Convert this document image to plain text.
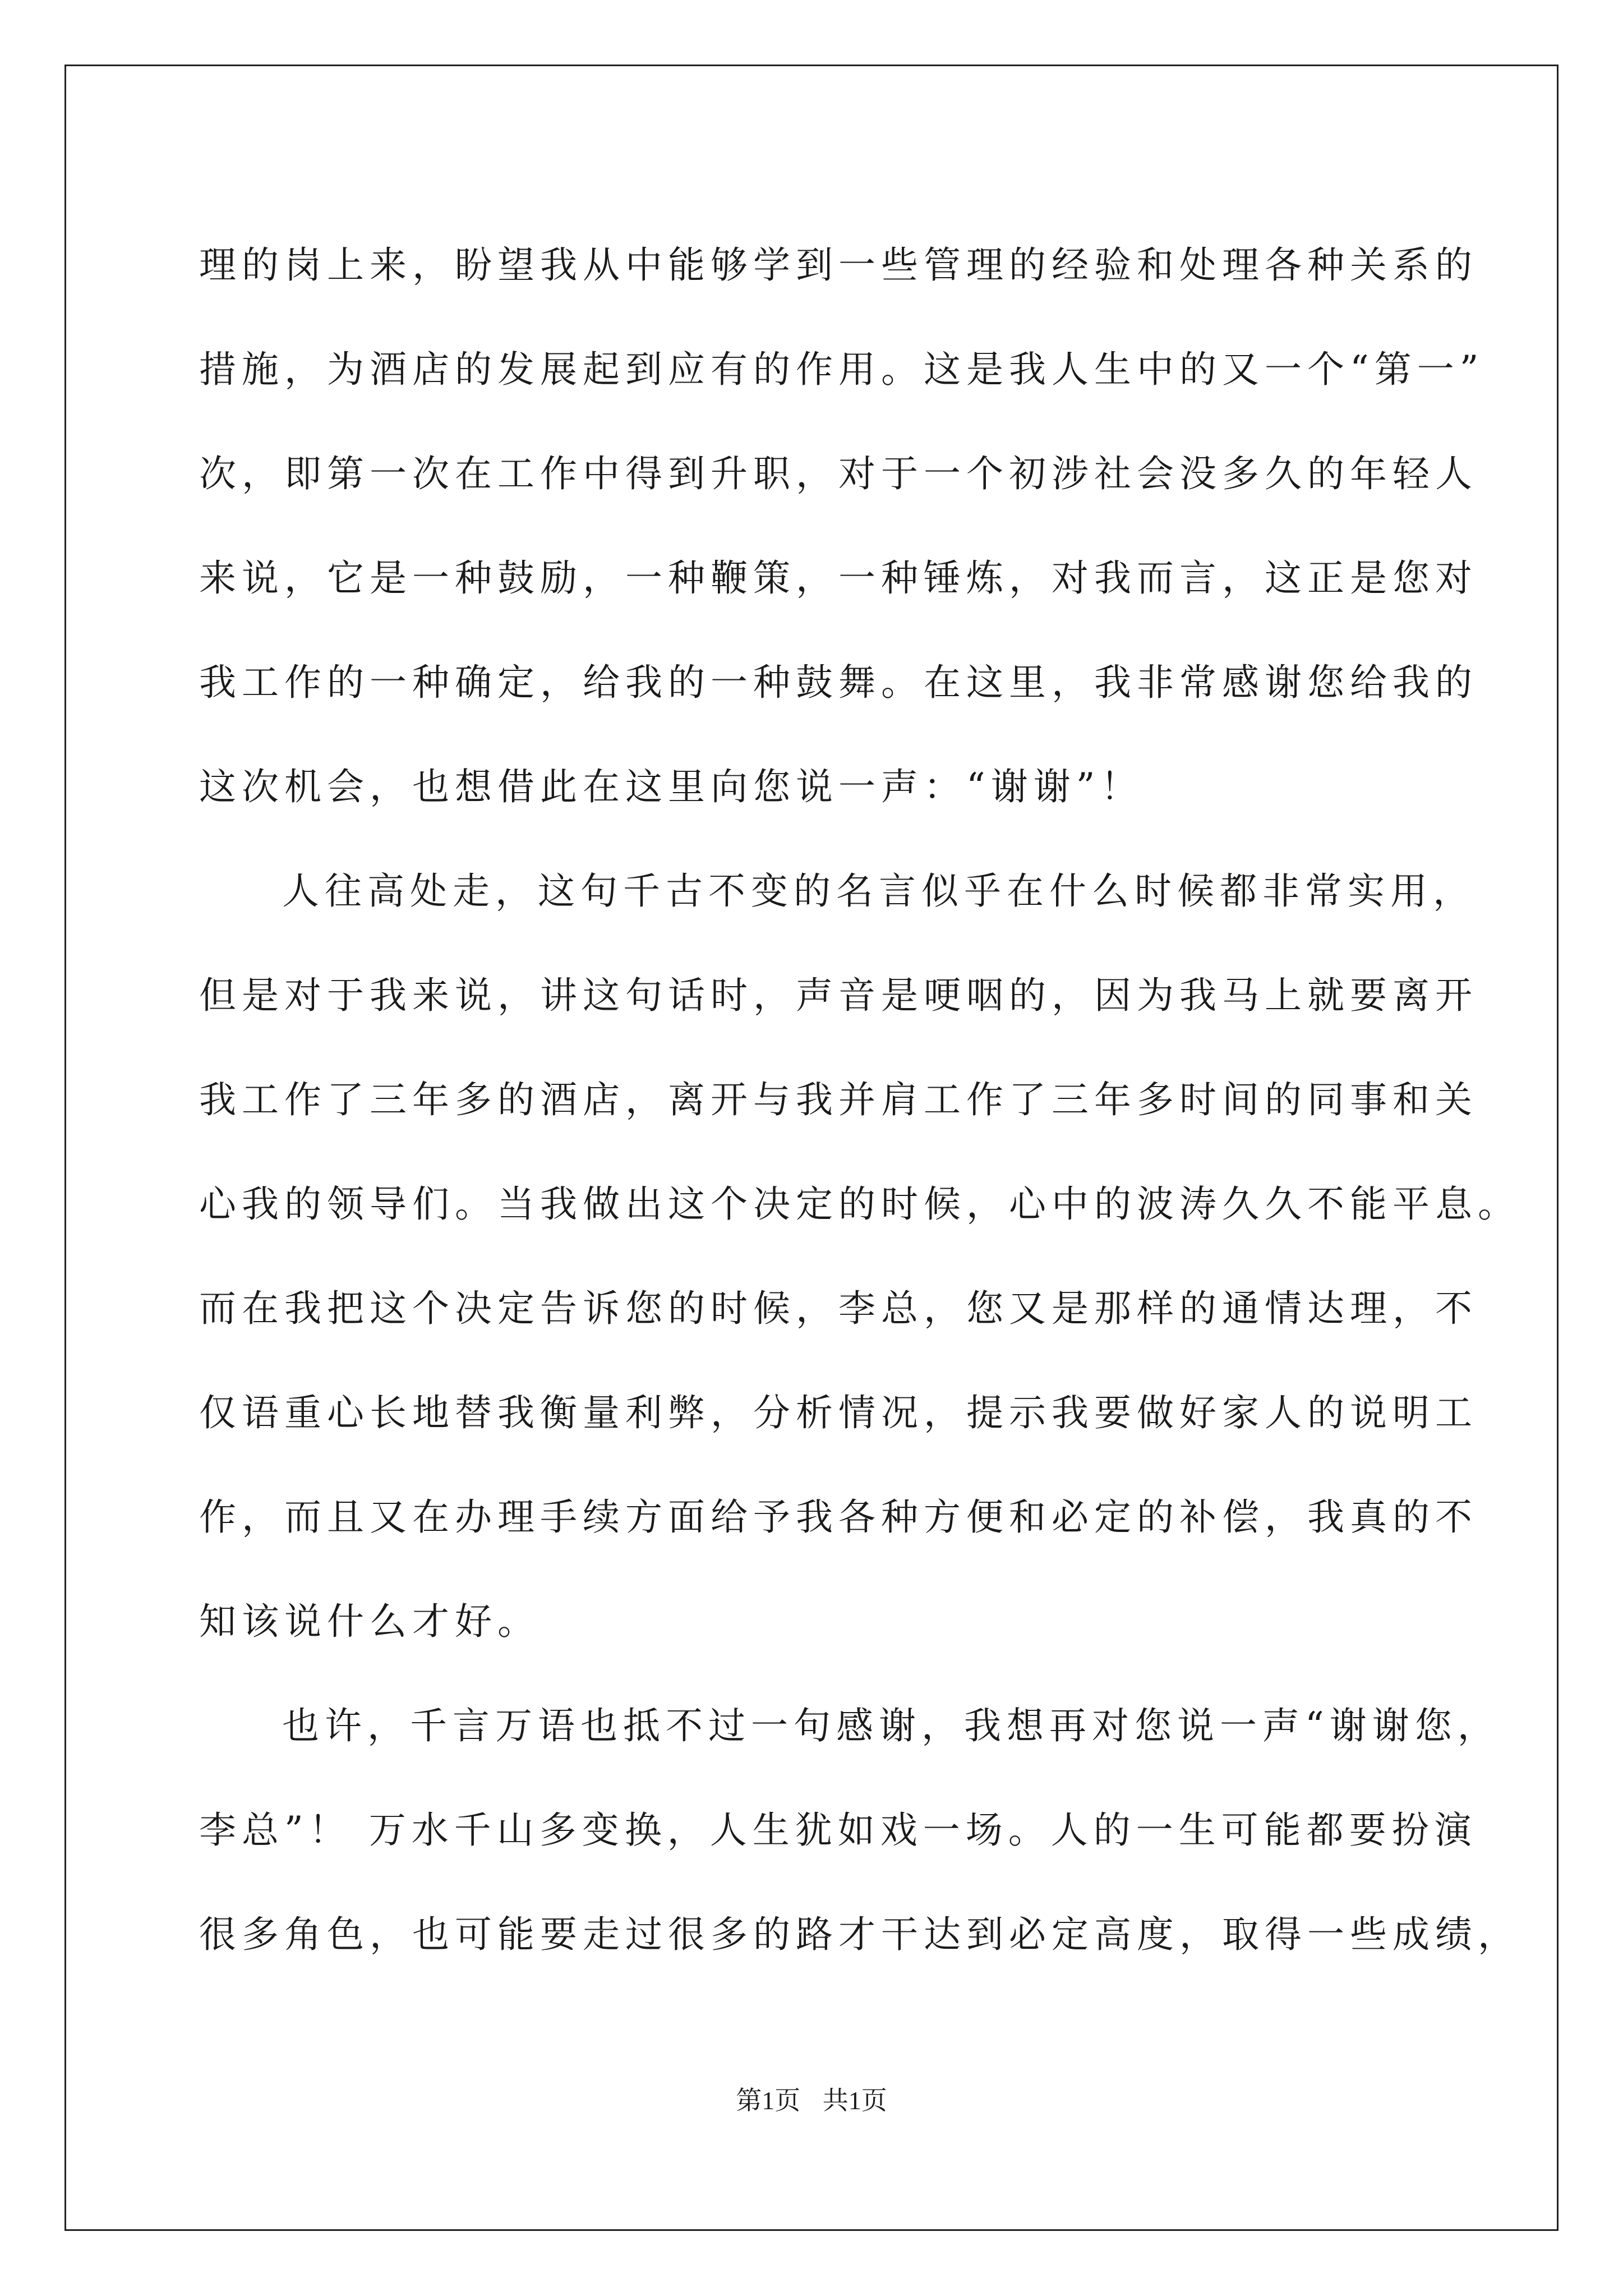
理的岗上来，盼望我从中能够学到一些管理的经验和处理各种关系的
措施，为酒店的发展起到应有的作用。这是我人生中的又一个“第一”
次，即第一次在工作中得到升职，对于一个初涉社会没多久的年轻人
来说，它是一种鼓励，一种鞭策，一种锤炼，对我而言，这正是您对
我工作的一种确定，给我的一种鼓舞。在这里，我非常感谢您给我的
这次机会，也想借此在这里向您说一声：“谢谢”！
人往高处走，这句千古不变的名言似乎在什么时候都非常实用，
但是对于我来说，讲这句话时，声音是哽咽的，因为我马上就要离开
我工作了三年多的酒店，离开与我并肩工作了三年多时间的同事和关
心我的领导们。当我做出这个决定的时候，心中的波涛久久不能平息。
而在我把这个决定告诉您的时候，李总，您又是那样的通情达理，不
仅语重心长地替我衡量利弊，分析情况，提示我要做好家人的说明工
作，而且又在办理手续方面给予我各种方便和必定的补偿，我真的不
知该说什么才好。
也许，千言万语也抵不过一句感谢，我想再对您说一声“谢谢您，
李总”！ 万水千山多变换，人生犹如戏一场。人的一生可能都要扮演
很多角色，也可能要走过很多的路才干达到必定高度，取得一些成绩，
第1页 共1页
